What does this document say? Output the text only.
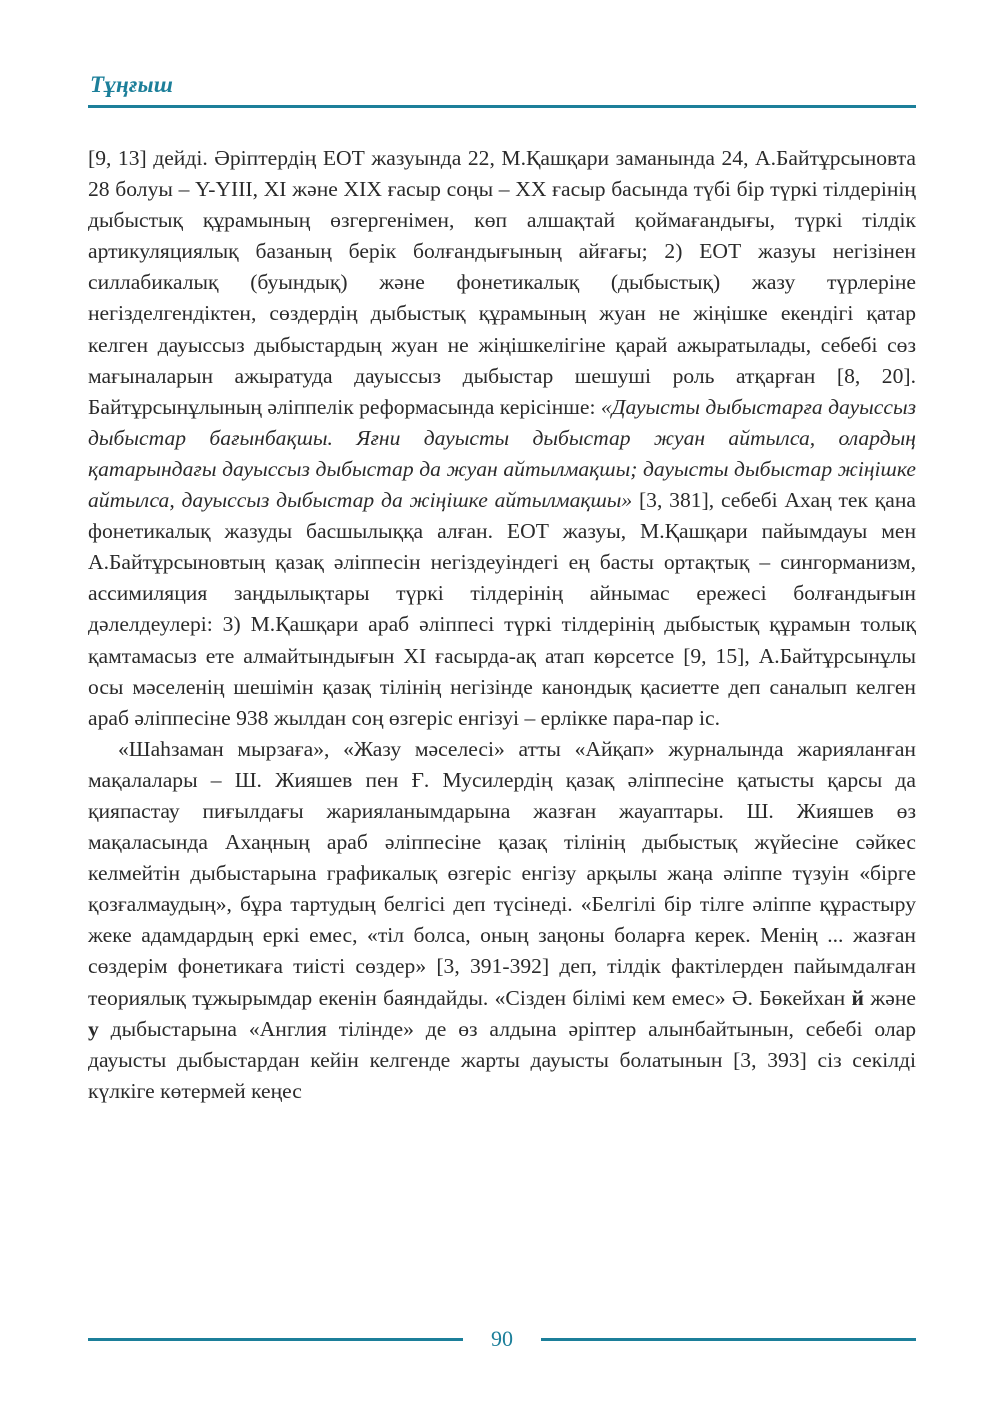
Тұңғыш

[9, 13] дейді. Әріптердің ЕОТ жазуында 22, М.Қашқари заманында 24, А.Байтұрсыновта 28 болуы – Y-YIII, XI және XIX ғасыр соңы – XX ғасыр басында түбі бір түркі тілдерінің дыбыстық құрамының өзгергенімен, көп алшақтай қоймағандығы, түркі тілдік артикуляциялық базаның берік болғандығының айғағы; 2) ЕОТ жазуы негізінен силлабикалық (буындық) және фонетикалық (дыбыстық) жазу түрлеріне негізделгендіктен, сөздердің дыбыстық құрамының жуан не жіңішке екендігі қатар келген дауыссыз дыбыстардың жуан не жіңішкелігіне қарай ажыратылады, себебі сөз мағыналарын ажыратуда дауыссыз дыбыстар шешуші роль атқарған [8, 20]. Байтұрсынұлының әліппелік реформасында керісінше: «Дауысты дыбыстарға дауыссыз дыбыстар бағынбақшы. Яғни дауысты дыбыстар жуан айтылса, олардың қатарындағы дауыссыз дыбыстар да жуан айтылмақшы; дауысты дыбыстар жіңішке айтылса, дауыссыз дыбыстар да жіңішке айтылмақшы» [3, 381], себебі Ахаң тек қана фонетикалық жазуды басшылыққа алған. ЕОТ жазуы, М.Қашқари пайымдауы мен А.Байтұрсыновтың қазақ әліппесін негіздеуіндегі ең басты ортақтық – сингорманизм, ассимиляция заңдылықтары түркі тілдерінің айнымас ережесі болғандығын дәлелдеулері: 3) М.Қашқари араб әліппесі түркі тілдерінің дыбыстық құрамын толық қамтамасыз ете алмайтындығын XI ғасырда-ақ атап көрсетсе [9, 15], А.Байтұрсынұлы осы мәселенің шешімін қазақ тілінің негізінде канондық қасиетте деп саналып келген араб әліппесіне 938 жылдан соң өзгеріс енгізуі – ерлікке пара-пар іс.

«Шаһзаман мырзаға», «Жазу мәселесі» атты «Айқап» журналында жарияланған мақалалары – Ш. Жияшев пен Ғ. Мусилердің қазақ әліппесіне қатысты қарсы да қияпастау пиғылдағы жарияланымдарына жазған жауаптары. Ш. Жияшев өз мақаласында Ахаңның араб әліппесіне қазақ тілінің дыбыстық жүйесіне сәйкес келмейтін дыбыстарына графикалық өзгеріс енгізу арқылы жаңа әліппе түзуін «бірге қозғалмаудың», бұра тартудың белгісі деп түсінеді. «Белгілі бір тілге әліппе құрастыру жеке адамдардың еркі емес, «тіл болса, оның заңоны боларға керек. Менің ... жазған сөздерім фонетикаға тиісті сөздер» [3, 391-392] деп, тілдік фактілерден пайымдалған теориялық тұжырымдар екенін баяндайды. «Сізден білімі кем емес» Ә. Бөкейхан й және у дыбыстарына «Англия тілінде» де өз алдына әріптер алынбайтынын, себебі олар дауысты дыбыстардан кейін келгенде жарты дауысты болатынын [3, 393] сіз секілді күлкіге көтермей кеңес

90
